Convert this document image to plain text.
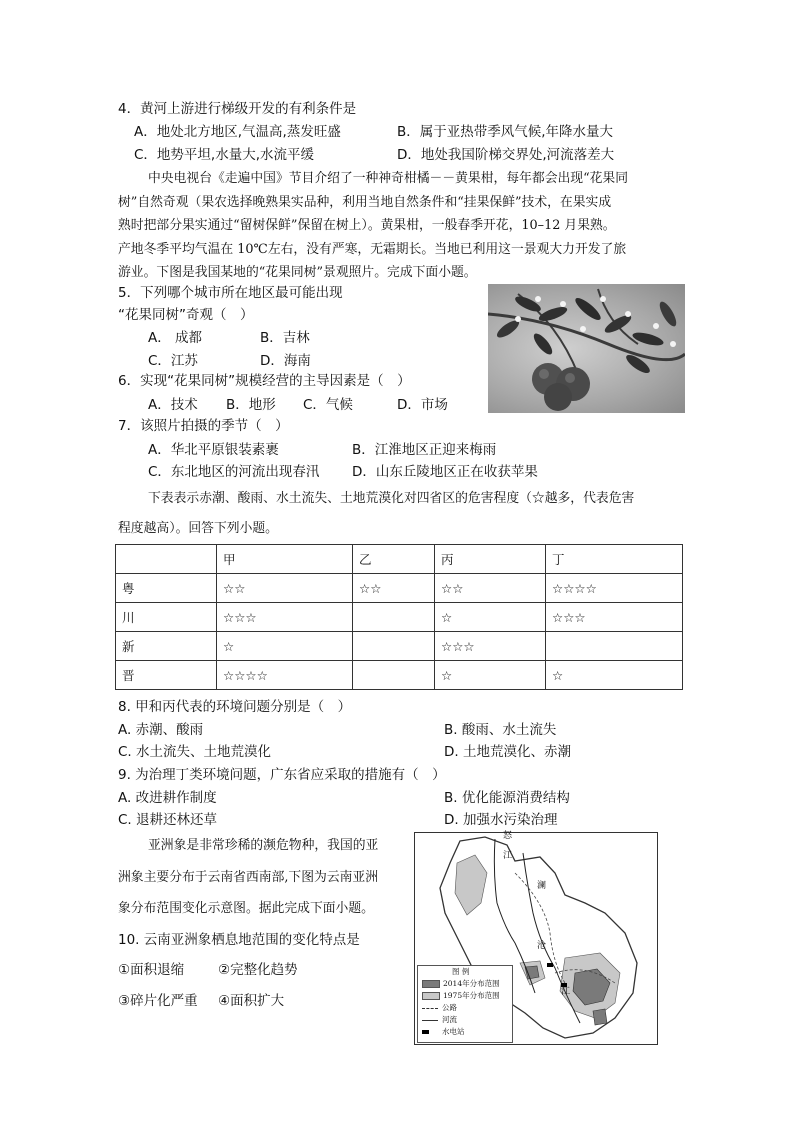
4．黄河上游进行梯级开发的有利条件是
A．地处北方地区,气温高,蒸发旺盛	B．属于亚热带季风气候,年降水量大
C．地势平坦,水量大,水流平缓	D．地处我国阶梯交界处,河流落差大
中央电视台《走遍中国》节目介绍了一种神奇柑橘－－黄果柑，每年都会出现“花果同
树”自然奇观（果农选择晚熟果实品种，利用当地自然条件和“挂果保鲜”技术，在果实成
熟时把部分果实通过“留树保鲜”保留在树上）。黄果柑，一般春季开花，10–12 月果熟。
产地冬季平均气温在 10℃左右，没有严寒，无霜期长。当地已利用这一景观大力开发了旅
游业。下图是我国某地的“花果同树”景观照片。完成下面小题。
5．下列哪个城市所在地区最可能出现
“花果同树”奇观（　）
A． 成都	B．吉林
C．江苏	D．海南
6．实现“花果同树”规模经营的主导因素是（　）
A．技术 B．地形 C．气候	D．市场
7．该照片拍摄的季节（　）
A．华北平原银装素裹	B．江淮地区正迎来梅雨
C．东北地区的河流出现春汛 D．山东丘陵地区正在收获苹果
下表表示赤潮、酸雨、水土流失、土地荒漠化对四省区的危害程度（☆越多，代表危害
程度越高）。回答下列小题。
	甲	乙	丙	丁
粤	☆☆	☆☆	☆☆	☆☆☆☆
川	☆☆☆		☆	☆☆☆
新	☆		☆☆☆	
晋	☆☆☆☆		☆	☆
8. 甲和丙代表的环境问题分别是（　）
A. 赤潮、酸雨	B. 酸雨、水土流失
C. 水土流失、土地荒漠化	D. 土地荒漠化、赤潮
9. 为治理丁类环境问题，广东省应采取的措施有（　）
A. 改进耕作制度	B. 优化能源消费结构
C. 退耕还林还草	D. 加强水污染治理
亚洲象是非常珍稀的濒危物种，我国的亚
洲象主要分布于云南省西南部,下图为云南亚洲
象分布范围变化示意图。据此完成下面小题。
10. 云南亚洲象栖息地范围的变化特点是
①面积退缩	②完整化趋势
③碎片化严重 ④面积扩大
怒
江
澜
沧
江
图 例
2014年分布范围
1975年分布范围
公路
河流
水电站
